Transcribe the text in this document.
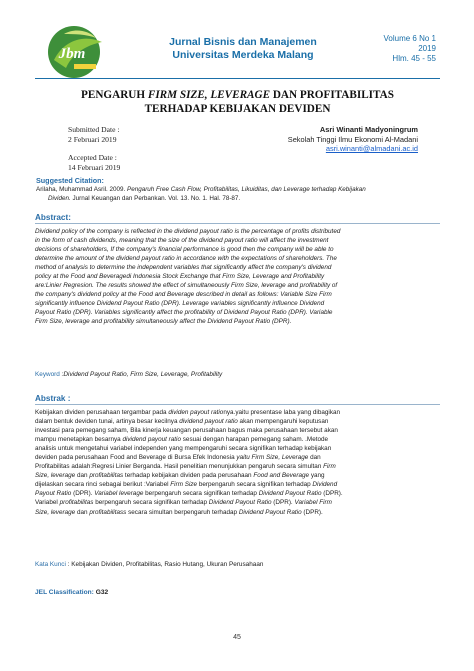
Jbm
Jurnal Bisnis dan Manajemen
Universitas Merdeka Malang
Volume 6 No 1
2019
Hlm. 45 - 55
PENGARUH FIRM SIZE, LEVERAGE DAN PROFITABILITAS
TERHADAP KEBIJAKAN DEVIDEN
Submitted Date :
2 Februari 2019
Accepted Date :
14 Februari 2019
Asri Winanti Madyoningrum
Sekolah Tinggi Ilmu Ekonomi Al-Madani
asri.winanti@almadani.ac.id
Suggested Citation:
Arilaha, Muhammad Asril. 2009. Pengaruh Free Cash Flow, Profitabilitas, Likuiditas, dan Leverage terhadap Kebijakan
Dividen. Jurnal Keuangan dan Perbankan. Vol. 13. No. 1. Hal. 78-87.
Abstract:
Dividend policy of the company is reflected in the dividend payout ratio is the percentage of profits distributed
in the form of cash dividends, meaning that the size of the dividend payout ratio will affect the investment
decisions of shareholders, If the company's financial performance is good then the company will be able to
determine the amount of the dividend payout ratio in accordance with the expectations of shareholders. The
method of analysis to determine the independent variables that significantly affect the company's dividend
policy at the Food and Beveragedi Indonesia Stock Exchange that Firm Size, Leverage and Profitability
are:Linier Regresion. The results showed the effect of simultaneously Firm Size, leverage and profitability of
the company's dividend policy at the Food and Beverage described in detail as follows: Variable Size Firm
significantly influence Dividend Payout Ratio (DPR). Leverage variables significantly influence Dividend
Payout Ratio (DPR). Variables significantly affect the profitability of Dividend Payout Ratio (DPR). Variable
Firm Size, leverage and profitability simultaneously affect the Dividend Payout Ratio (DPR).
Keyword :Dividend Payout Ratio, Firm Size, Leverage, Profitability
Abstrak :
Kebijakan dividen perusahaan tergambar pada dividen payout rationya.yaitu presentase laba yang dibagikan
dalam bentuk deviden tunai, artinya besar kecilnya dividend payout ratio akan mempengaruhi keputusan
investasi para pemegang saham, Bila kinerja keuangan perusahaan bagus maka perusahaan tersebut akan
mampu menetapkan besarnya dividend payout ratio sesuai dengan harapan pemegang saham. .Metode
analisis untuk mengetahui variabel independen yang mempengaruhi secara signifikan terhadap kebijakan
deviden pada perusahaan Food and Beverage di Bursa Efek Indonesia yaitu Firm Size, Leverage dan
Profitabilitas adalah:Regresi Linier Berganda. Hasil penelitian menunjukkan pengaruh secara simultan Firm
Size, leverage dan profitabilitas terhadap kebijakan dividen pada perusahaan Food and Beverage yang
dijelaskan secara rinci sebagai berikut :Variabel Firm Size berpengaruh secara signifikan terhadap Dividend
Payout Ratio (DPR). Variabel leverage berpengaruh secara signifikan terhadap Dividend Payout Ratio (DPR).
Variabel profitabilitas berpengaruh secara signifikan terhadap Dividend Payout Ratio (DPR). Variabel Firm
Size, leverage dan profitabilitass secara simultan berpengaruh terhadap Dividend Payout Ratio (DPR).
Kata Kunci : Kebijakan Dividen, Profitabilitas, Rasio Hutang, Ukuran Perusahaan
JEL Classification: G32
45
